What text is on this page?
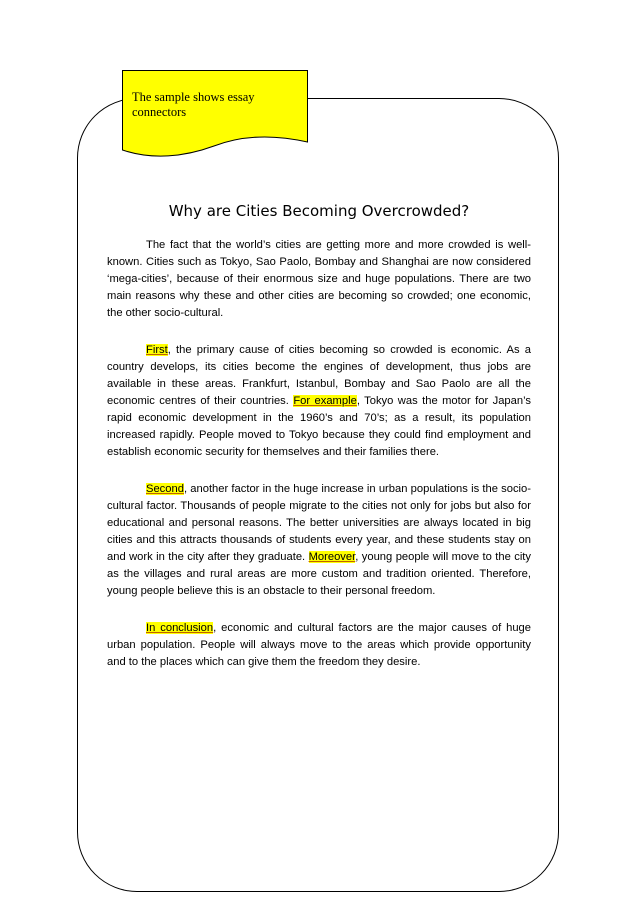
The sample shows essay connectors
Why are Cities Becoming Overcrowded?

The fact that the world’s cities are getting more and more crowded is well-known. Cities such as Tokyo, Sao Paolo, Bombay and Shanghai are now considered ‘mega-cities’, because of their enormous size and huge populations. There are two main reasons why these and other cities are becoming so crowded; one economic, the other socio-cultural.

First, the primary cause of cities becoming so crowded is economic. As a country develops, its cities become the engines of development, thus jobs are available in these areas. Frankfurt, Istanbul, Bombay and Sao Paolo are all the economic centres of their countries. For example, Tokyo was the motor for Japan’s rapid economic development in the 1960’s and 70’s; as a result, its population increased rapidly. People moved to Tokyo because they could find employment and establish economic security for themselves and their families there.

Second, another factor in the huge increase in urban populations is the socio-cultural factor. Thousands of people migrate to the cities not only for jobs but also for educational and personal reasons. The better universities are always located in big cities and this attracts thousands of students every year, and these students stay on and work in the city after they graduate. Moreover, young people will move to the city as the villages and rural areas are more custom and tradition oriented. Therefore, young people believe this is an obstacle to their personal freedom.

In conclusion, economic and cultural factors are the major causes of huge urban population. People will always move to the areas which provide opportunity and to the places which can give them the freedom they desire.
